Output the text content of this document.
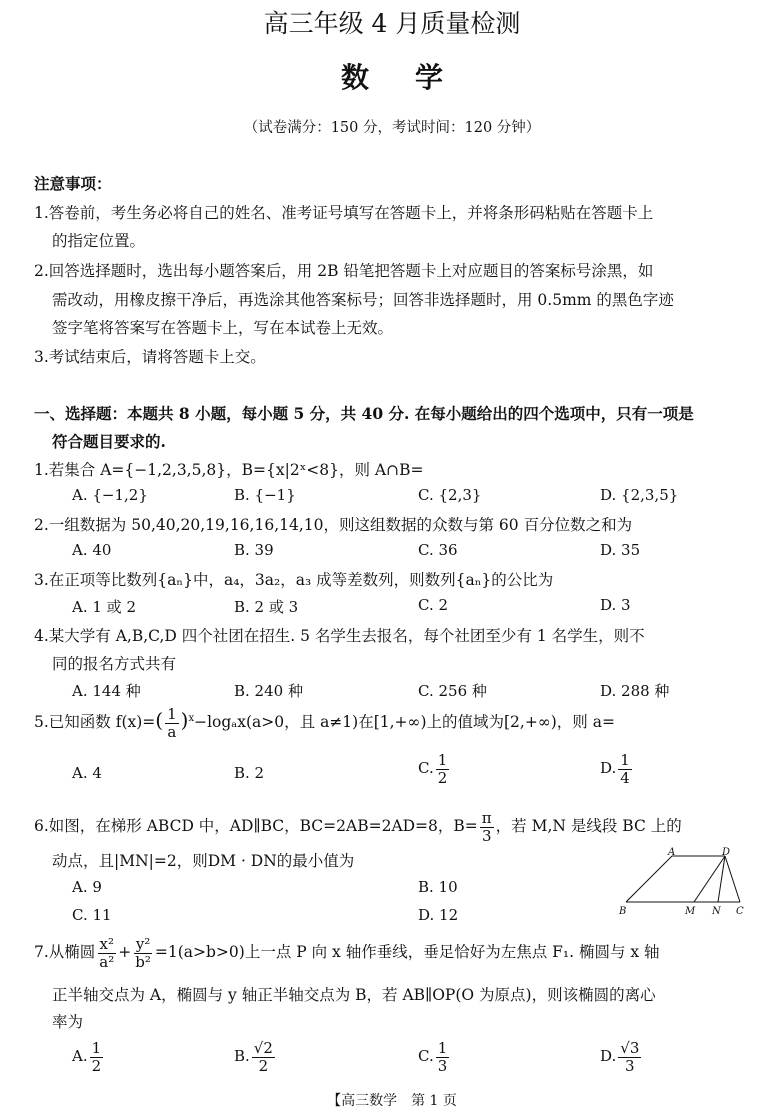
高三年级 4 月质量检测
数学
（试卷满分：150 分，考试时间：120 分钟）
注意事项：
1.答卷前，考生务必将自己的姓名、准考证号填写在答题卡上，并将条形码粘贴在答题卡上
的指定位置。
2.回答选择题时，选出每小题答案后，用 2B 铅笔把答题卡上对应题目的答案标号涂黑，如
需改动，用橡皮擦干净后，再选涂其他答案标号；回答非选择题时，用 0.5mm 的黑色字迹
签字笔将答案写在答题卡上，写在本试卷上无效。
3.考试结束后，请将答题卡上交。
一、选择题：本题共 8 小题，每小题 5 分，共 40 分. 在每小题给出的四个选项中，只有一项是
符合题目要求的.
1.若集合 A={−1,2,3,5,8}，B={x|2ˣ<8}，则 A∩B=
A. {−1,2}	B. {−1}	C. {2,3}	D. {2,3,5}
2.一组数据为 50,40,20,19,16,16,14,10，则这组数据的众数与第 60 百分位数之和为
A. 40	B. 39	C. 36	D. 35
3.在正项等比数列{aₙ}中，a₄，3a₂，a₃ 成等差数列，则数列{aₙ}的公比为
A. 1 或 2	B. 2 或 3	C. 2	D. 3
4.某大学有 A,B,C,D 四个社团在招生. 5 名学生去报名，每个社团至少有 1 名学生，则不
同的报名方式共有
A. 144 种	B. 240 种	C. 256 种	D. 288 种
5.已知函数 $f(x)=( \frac{1}{a} )^x-\log_ax(a>0$，且 a≠1)在[1,+∞)上的值域为[2,+∞)，则 a=
A. 4	B. 2	C. $\frac{1}{2}$	D. $\frac{1}{4}$
6.如图，在梯形 ABCD 中，AD∥BC，BC=2AB=2AD=8，$B= \frac{\pi}{3}$ ，若 M,N 是线段 BC 上的
动点，且|MN|=2，则DM · DN的最小值为
A. 9	B. 10
C. 11	D. 12
A	D
B	M N C
7.从椭圆 $\frac{\text{x²}}{\text{a²}} + \frac{\text{y²}}{\text{b²}} =1(a>b>0)$上一点 P 向 x 轴作垂线，垂足恰好为左焦点 F₁. 椭圆与 x 轴
正半轴交点为 A，椭圆与 y 轴正半轴交点为 B，若 AB∥OP(O 为原点)，则该椭圆的离心
率为
A. $\frac{1}{2}$	B. $\frac{√2}{2}$	C. $\frac{1}{3}$	D. $\frac{√3}{3}$
【高三数学　第 1 页
